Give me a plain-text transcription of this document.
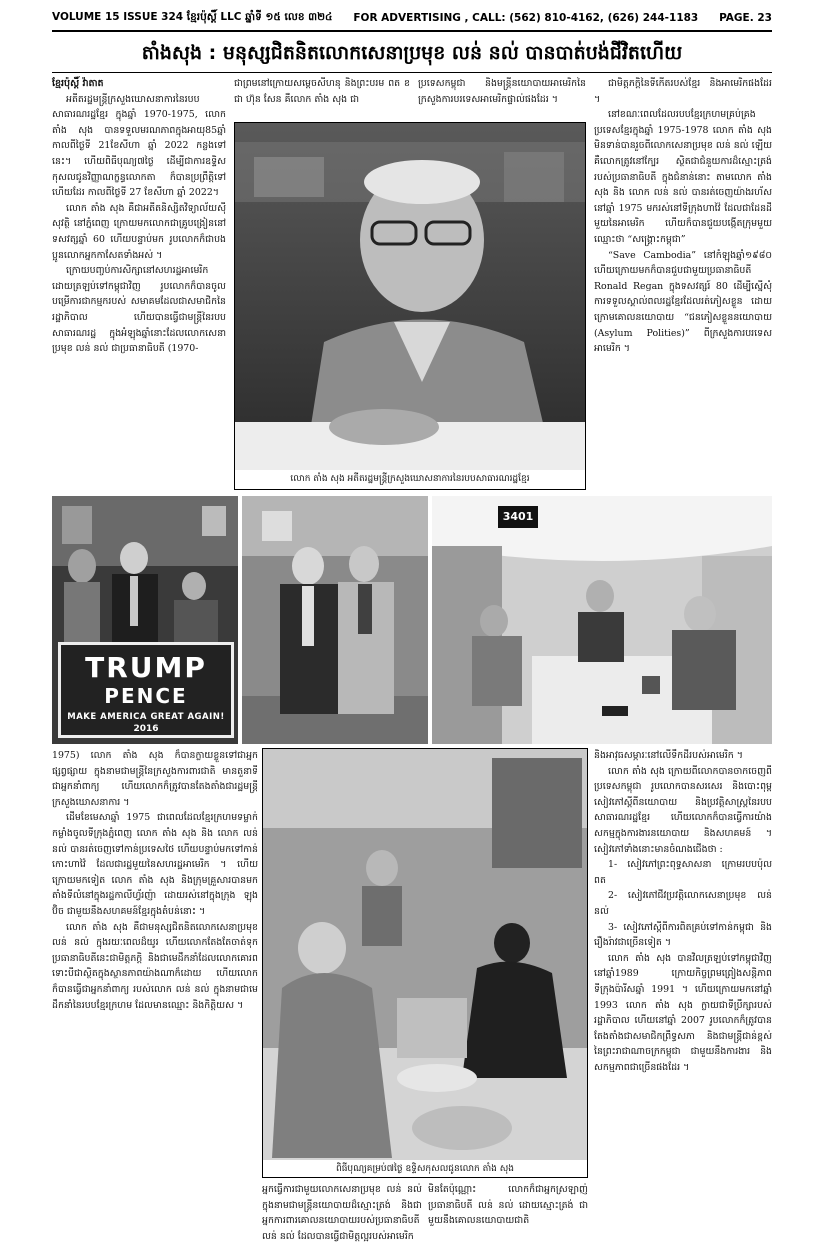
VOLUME 15 ISSUE 324 ខ្មែរប៉ុស្តិ៍ LLC ឆ្នាំទី ១៥ លេខ ៣២៤ FOR ADVERTISING , CALL: (562) 810-4162, (626) 244-1183 PAGE. 23
តាំងសុង : មនុស្សជិតនិតលោកសេនាប្រមុខ លន់ នល់ បានបាត់បង់ជីវិតហើយ

ខ្មែរប៉ុស្តិ៍ វ៉ាតាត

អតីតរដ្ឋមន្ត្រីក្រសួងឃោសនាការនៃរបបសាធារណរដ្ឋខ្មែរ ក្នុងឆ្នាំ 1970-1975, លោក តាំង សុង បានទទួលមរណភាពក្នុងអាយុ85ឆ្នាំ កាលពីថ្ងៃទី 21ខែសីហា ឆ្នាំ 2022 កន្លងទៅនេះ។ ហើយពិធីបុណ្យ៧ថ្ងៃ ដើម្បីជាការឧទ្ទិសកុសលជូនវិញ្ញាណក្ខន្ធលោកតា ក៏បានប្រព្រឹត្តិទៅហើយដែរ កាលពីថ្ងៃទី 27 ខែសីហា ឆ្នាំ 2022។

លោក តាំង សុង គឺជាអតីតនិស្សិតវិទ្យាល័យស៊ីសុវត្ថិ នៅភ្នំពេញ ក្រោយមកលោកជាគ្រូបង្រៀននៅទសវត្សឆ្នាំ 60 ហើយបន្ទាប់មក រូបលោកក៏ជាបងប្អូនលោកអ្នកកាសែតទាំងអស់ ។

ក្រោយបញ្ចប់ការសិក្សានៅសហរដ្ឋអាមេរិក ដោយត្រឡប់ទៅកម្ពុជាវិញ រូបលោកក៏បានចូលបម្រើការជាកម្មករបស់ សមាគមដែលជាសមាជិកនៃរដ្ឋាភិបាល ហើយបានធ្វើជាមន្ត្រីនៃរបបសាធារណរដ្ឋ ក្នុងអំឡុងឆ្នាំនោះដែលលោកសេនាប្រមុខ លន់ នល់ ជាប្រធានាធិបតី (1970-

ជាព្រមនៅក្រោយសម្តេចសីហនុ និងព្រះបរម ពត ខ ជា ហ៊ុន សែន គឺលោក តាំង សុង ជា

ប្រទេសកម្ពុជា និងមន្ត្រីនយោបាយអាមេរិកនៃក្រសួងការបរទេសអាមេរិកផ្ទាល់ផងដែរ ។

លោក តាំង សុង អតីតរដ្ឋមន្ត្រីក្រសួងឃោសនាការនៃរបបសាធារណរដ្ឋខ្មែរ

ជាមិត្តភក្តិនៃទីកើតរបស់ខ្មែរ និងអាមេរិកផងដែរ ។

នៅខណៈពេលដែលរបបខ្មែរក្រហមគ្រប់គ្រងប្រទេសខ្មែរក្នុងឆ្នាំ 1975-1978 លោក តាំង សុង មិនទាន់បានរួចពីលោកសេនាប្រមុខ លន់ នល់ ឡើយ គឺលោកត្រូវនៅក្បែរ ស្ថិតជាជំនួយការដ៏ស្មោះត្រង់របស់ប្រធានាធិបតី ក្នុងជំនាន់នោះ តាមលោក តាំង សុង និង លោក លន់ នល់ បានរត់ចេញយ៉ាងរហ័សនៅឆ្នាំ 1975 មករស់នៅទីក្រុងហាវ៉ៃ ដែលជាដែនដីមួយនៃអាមេរិក ហើយក៏បានជួយបង្កើតក្រុមមួយឈ្មោះថា “សង្គ្រោះកម្ពុជា”

“Save Cambodia” នៅកំឡុងឆ្នាំ១៩៨០ ហើយក្រោយមកក៏បានជួបជាមួយប្រធានាធិបតី Ronald Regan ក្នុងទសវត្សរ៍ 80 ដើម្បីស្នើសុំការទទួលស្គាល់ពលរដ្ឋខ្មែរដែលរត់ភៀសខ្លួន ដោយក្រោមគោលនយោបាយ “ជនភៀសខ្លួននយោបាយ (Asylum Polities)” ពីក្រសួងការបរទេសអាមេរិក ។

TRUMP
PENCE
MAKE AMERICA GREAT AGAIN!
2016
3401

1975) លោក តាំង សុង ក៏បានក្លាយខ្លួនទៅជាអ្នកផ្សព្វផ្សាយ ក្នុងនាមជាមន្ត្រីនៃក្រសួងការពារជាតិ មានតួនាទីជាអ្នកនាំពាក្យ ហើយលោកក៏ត្រូវបានតែងតាំងជារដ្ឋមន្ត្រីក្រសួងឃោសនាការ ។

ដើមខែមេសាឆ្នាំ 1975 ជាពេលដែលខ្មែរក្រហមទម្លាក់កម្លាំងចូលទីក្រុងភ្នំពេញ លោក តាំង សុង និង លោក លន់ នល់ បានរត់ចេញទៅកាន់ប្រទេសថៃ ហើយបន្ទាប់មកទៅកាន់កោះហាវ៉ៃ ដែលជារដ្ឋមួយនៃសហរដ្ឋអាមេរិក ។ ហើយក្រោយមកទៀត លោក តាំង សុង និងក្រុមគ្រួសារបានមកតាំងទីលំនៅក្នុងរដ្ឋកាលីហ្វ័រញ៉ា ដោយរស់នៅក្នុងក្រុង ឡុងប៊ិច ជាមួយនឹងសហគមន៍ខ្មែរក្នុងតំបន់នោះ ។

លោក តាំង សុង គឺជាមនុស្សជិតនិតលោកសេនាប្រមុខ លន់ នល់ ក្នុងរយៈពេលដ៏យូរ ហើយលោកតែងតែចាត់ទុកប្រធានាធិបតីនេះជាមិត្តភក្តិ និងជាមេដឹកនាំដែលលោកគោរព ទោះបីជាស្ថិតក្នុងស្ថានភាពយ៉ាងណាក៏ដោយ ហើយលោកក៏បានធ្វើជាអ្នកនាំពាក្យ របស់លោក លន់ នល់ ក្នុងនាមជាមេដឹកនាំនៃរបបខ្មែរក្រហម ដែលមានឈ្មោះ និងកិត្តិយស ។

ពិធីបុណ្យគម្រប់៧ថ្ងៃ ឧទ្ទិសកុសលជូនលោក តាំង សុង

អ្នកធ្វើការជាមួយលោកសេនាប្រមុខ លន់ នល់ ក្នុងនាមជាមន្ត្រីនយោបាយដ៏ស្មោះត្រង់ និងជាអ្នកការពារគោលនយោបាយរបស់ប្រធានាធិបតី លន់ នល់ ដែលបានធ្វើជាមិត្តល្អរបស់អាមេរិក

មិនតែប៉ុណ្ណោះ លោកក៏ជាអ្នកស្រឡាញ់ប្រធានាធិបតី លន់ នល់ ដោយស្មោះត្រង់ ជាមួយនឹងគោលនយោបាយជាតិ

និងអាវុធសម្ភារៈនៅលើទឹកដីរបស់អាមេរិក ។

លោក តាំង សុង ក្រោយពីលោកបានចាកចេញពីប្រទេសកម្ពុជា រូបលោកបានសរសេរ និងបោះពុម្ពសៀវភៅស្តីពីនយោបាយ និងប្រវត្តិសាស្ត្រនៃរបបសាធារណរដ្ឋខ្មែរ ហើយលោកក៏បានធ្វើការយ៉ាងសកម្មក្នុងការងារនយោបាយ និងសហគមន៍ ។ សៀវភៅទាំងនោះមានចំណងជើងថា :

1- សៀវភៅព្រះពុទ្ធសាសនា ក្រោមរបបប៉ុល ពត

2- សៀវភៅជីវប្រវត្តិលោកសេនាប្រមុខ លន់ នល់

3- សៀវភៅស្តីពីការពិតគ្រប់ទៅកាន់កម្ពុជា និងរឿងរ៉ាវជាច្រើនទៀត ។

លោក តាំង សុង បានវិលត្រឡប់ទៅកម្ពុជាវិញនៅឆ្នាំ1989 ក្រោយកិច្ចព្រមព្រៀងសន្តិភាពទីក្រុងប៉ារីសឆ្នាំ 1991 ។ ហើយក្រោយមកនៅឆ្នាំ 1993 លោក តាំង សុង ក្លាយជាទីប្រឹក្សារបស់រដ្ឋាភិបាល ហើយនៅឆ្នាំ 2007 រូបលោកក៏ត្រូវបានតែងតាំងជាសមាជិកព្រឹទ្ធសភា និងជាមន្ត្រីជាន់ខ្ពស់នៃព្រះរាជាណាចក្រកម្ពុជា ជាមួយនឹងការងារ និងសកម្មភាពជាច្រើនផងដែរ ។
